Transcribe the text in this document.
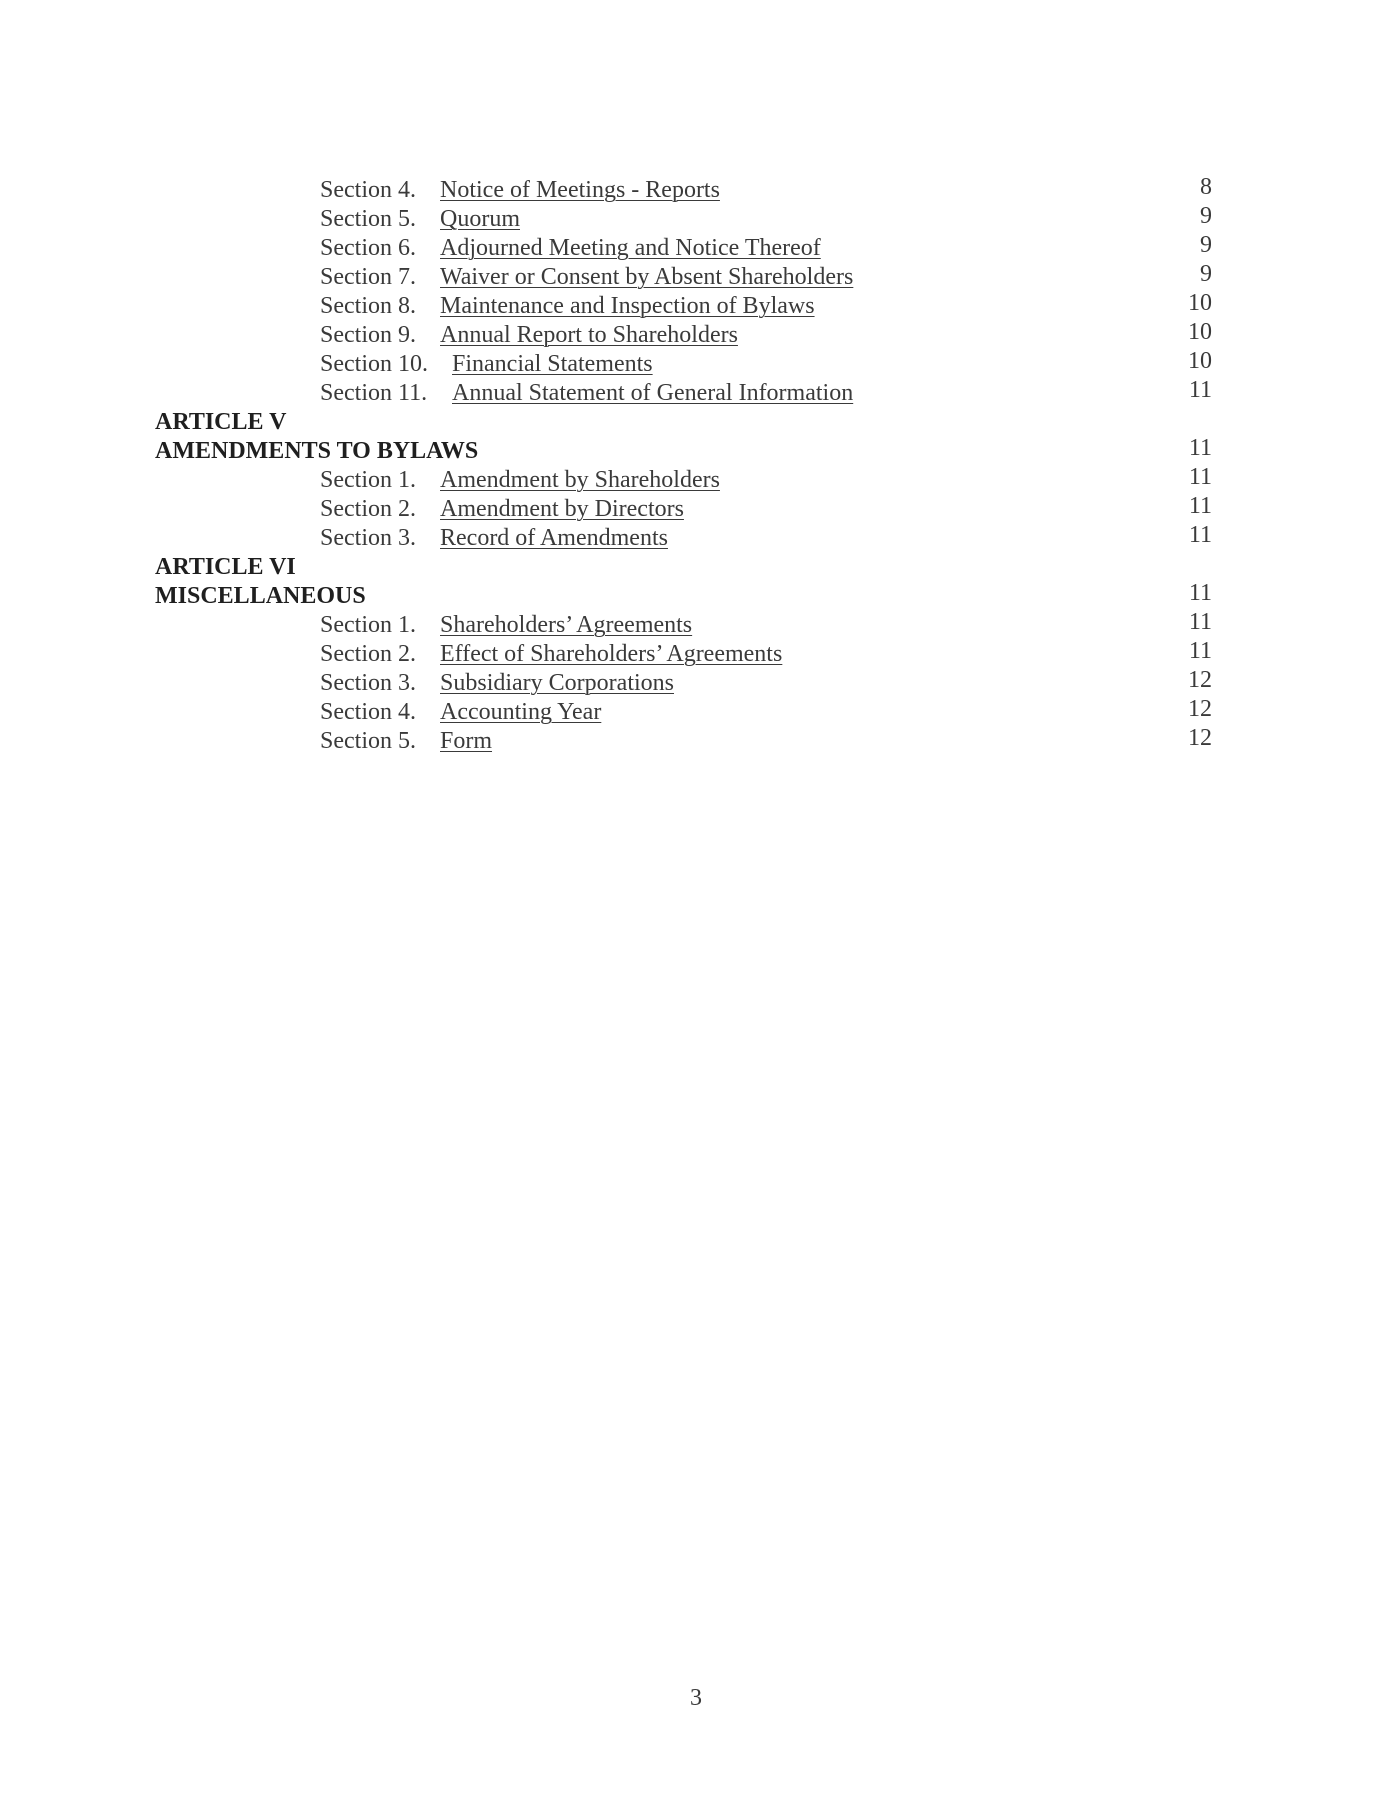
Section 4. Notice of Meetings - Reports	8
Section 5. Quorum	9
Section 6. Adjourned Meeting and Notice Thereof	9
Section 7. Waiver or Consent by Absent Shareholders	9
Section 8. Maintenance and Inspection of Bylaws	10
Section 9. Annual Report to Shareholders	10
Section 10. Financial Statements	10
Section 11. Annual Statement of General Information	11
ARTICLE V
AMENDMENTS TO BYLAWS	11
Section 1. Amendment by Shareholders	11
Section 2. Amendment by Directors	11
Section 3. Record of Amendments	11
ARTICLE VI
MISCELLANEOUS	11
Section 1. Shareholders’ Agreements	11
Section 2. Effect of Shareholders’ Agreements	11
Section 3. Subsidiary Corporations	12
Section 4. Accounting Year	12
Section 5. Form	12
3
